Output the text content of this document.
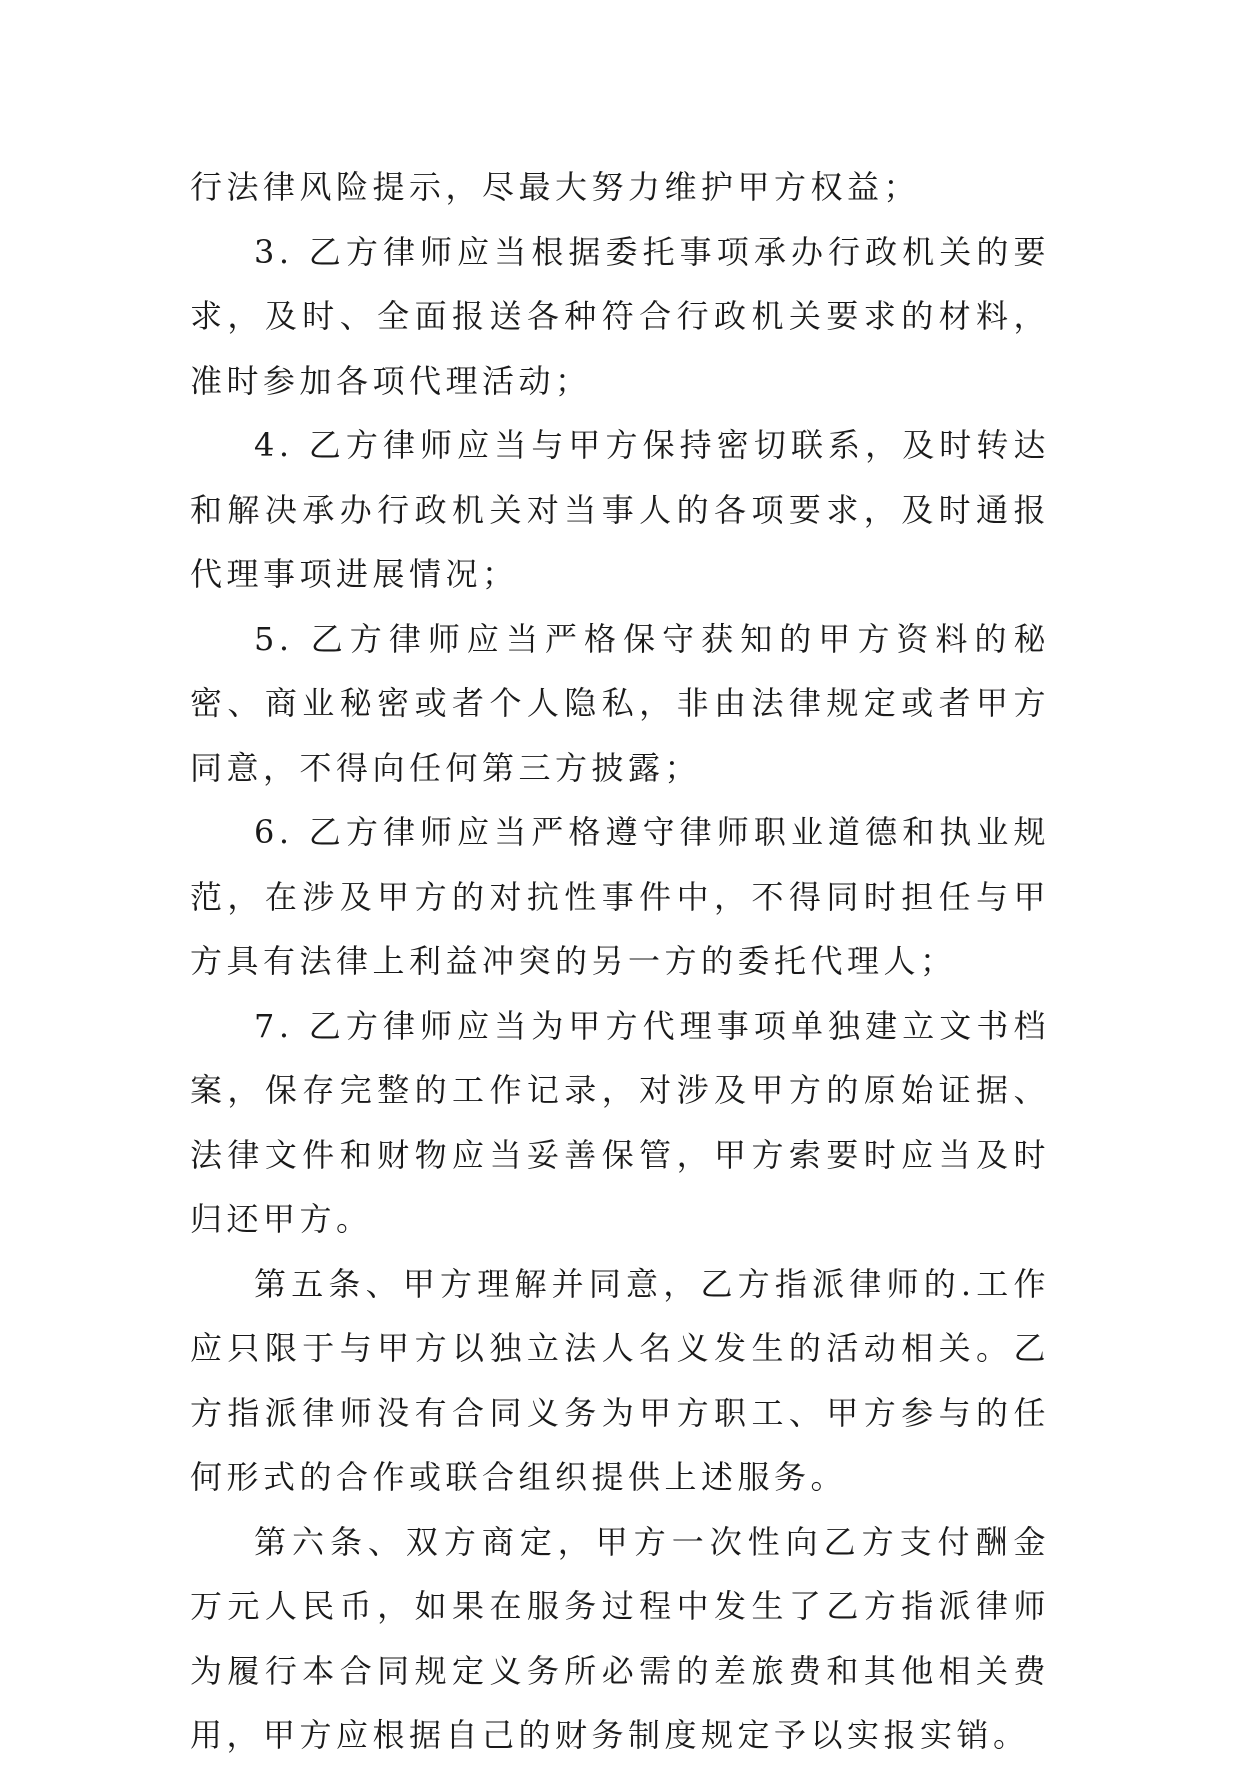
行法律风险提示，尽最大努力维护甲方权益；

3. 乙方律师应当根据委托事项承办行政机关的要求，及时、全面报送各种符合行政机关要求的材料，准时参加各项代理活动；

4. 乙方律师应当与甲方保持密切联系，及时转达和解决承办行政机关对当事人的各项要求，及时通报代理事项进展情况；

5. 乙方律师应当严格保守获知的甲方资料的秘密、商业秘密或者个人隐私，非由法律规定或者甲方同意，不得向任何第三方披露；

6. 乙方律师应当严格遵守律师职业道德和执业规范，在涉及甲方的对抗性事件中，不得同时担任与甲方具有法律上利益冲突的另一方的委托代理人；

7. 乙方律师应当为甲方代理事项单独建立文书档案，保存完整的工作记录，对涉及甲方的原始证据、法律文件和财物应当妥善保管，甲方索要时应当及时归还甲方。

第五条、甲方理解并同意，乙方指派律师的.工作应只限于与甲方以独立法人名义发生的活动相关。乙方指派律师没有合同义务为甲方职工、甲方参与的任何形式的合作或联合组织提供上述服务。

第六条、双方商定，甲方一次性向乙方支付酬金 万元人民币，如果在服务过程中发生了乙方指派律师为履行本合同规定义务所必需的差旅费和其他相关费用，甲方应根据自己的财务制度规定予以实报实销。
